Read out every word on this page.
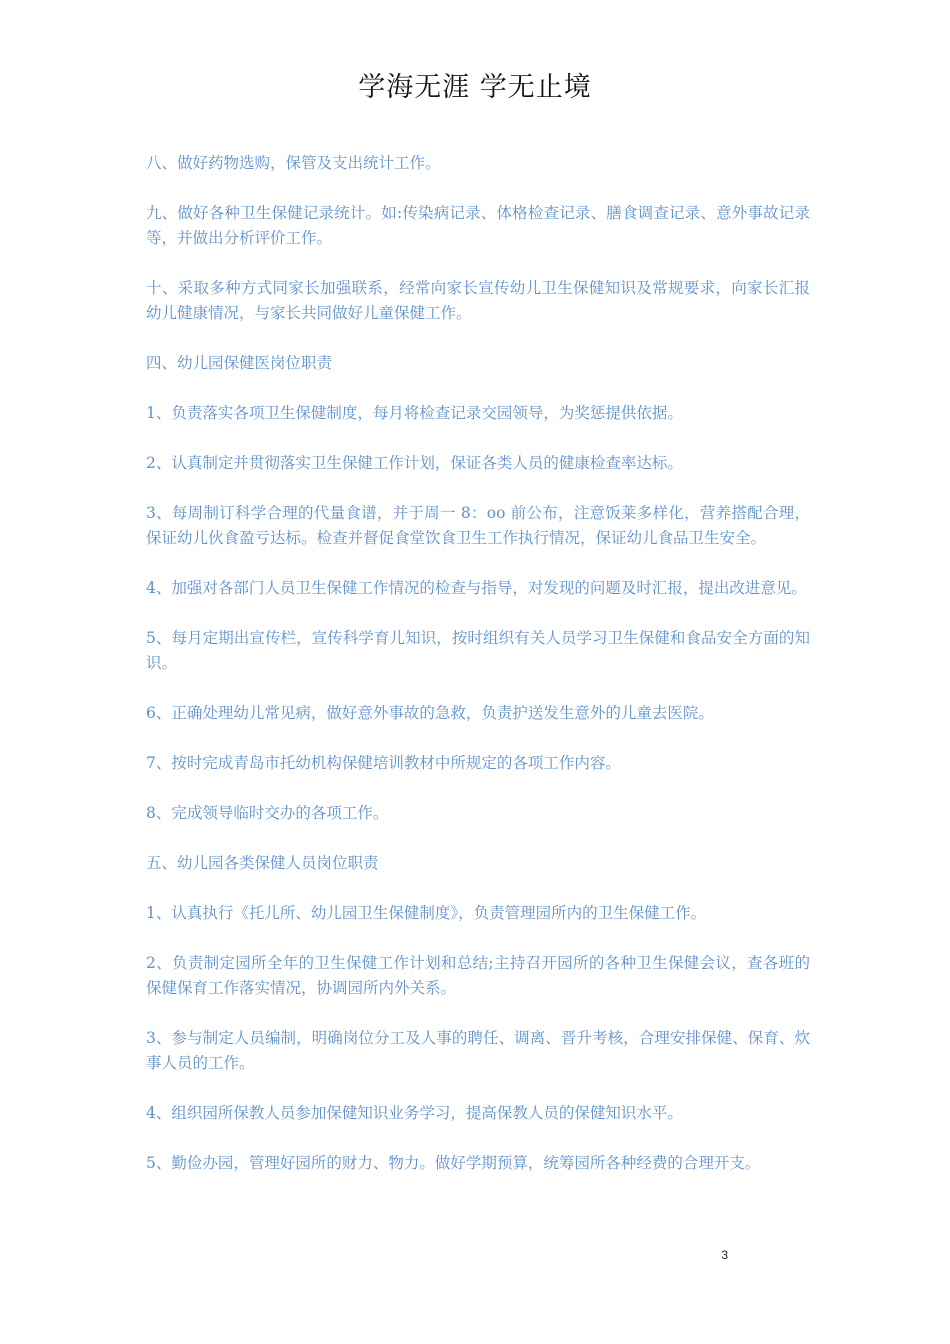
学海无涯 学无止境

八、做好药物选购，保管及支出统计工作。

九、做好各种卫生保健记录统计。如:传染病记录、体格检查记录、膳食调查记录、意外事故记录等，并做出分析评价工作。

十、采取多种方式同家长加强联系，经常向家长宣传幼儿卫生保健知识及常规要求，向家长汇报幼儿健康情况，与家长共同做好儿童保健工作。

四、幼儿园保健医岗位职责

1、负责落实各项卫生保健制度，每月将检查记录交园领导，为奖惩提供依据。

2、认真制定并贯彻落实卫生保健工作计划，保证各类人员的健康检查率达标。

3、每周制订科学合理的代量食谱，并于周一 8：oo 前公布，注意饭莱多样化，营养搭配合理，保证幼儿伙食盈亏达标。检查并督促食堂饮食卫生工作执行情况，保证幼儿食品卫生安全。

4、加强对各部门人员卫生保健工作情况的检查与指导，对发现的问题及时汇报，提出改进意见。

5、每月定期出宣传栏，宣传科学育儿知识，按时组织有关人员学习卫生保健和食品安全方面的知识。

6、正确处理幼儿常见病，做好意外事故的急救，负责护送发生意外的儿童去医院。

7、按时完成青岛市托幼机构保健培训教材中所规定的各项工作内容。

8、完成领导临时交办的各项工作。

五、幼儿园各类保健人员岗位职责

1、认真执行《托儿所、幼儿园卫生保健制度》，负责管理园所内的卫生保健工作。

2、负责制定园所全年的卫生保健工作计划和总结;主持召开园所的各种卫生保健会议，查各班的保健保育工作落实情况，协调园所内外关系。

3、参与制定人员编制，明确岗位分工及人事的聘任、调离、晋升考核，合理安排保健、保育、炊事人员的工作。

4、组织园所保教人员参加保健知识业务学习，提高保教人员的保健知识水平。

5、勤俭办园，管理好园所的财力、物力。做好学期预算，统筹园所各种经费的合理开支。

3
